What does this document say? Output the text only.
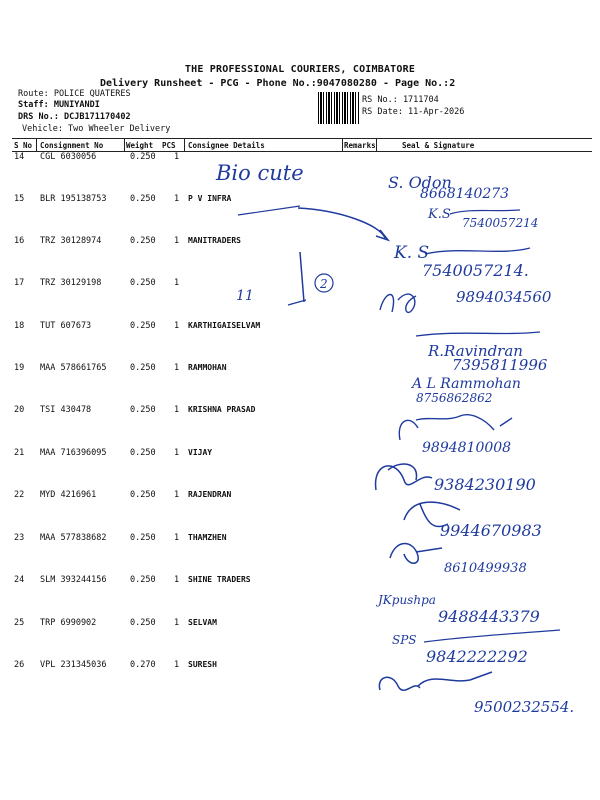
THE PROFESSIONAL COURIERS, COIMBATORE
Delivery Runsheet - PCG - Phone No.:9047080280 - Page No.:2
Route: POLICE QUATERES
Staff: MUNIYANDI
DRS No.: DCJB171170402
Vehicle: Two Wheeler Delivery
RS No.: 1711704
RS Date: 11-Apr-2026
S No Consignment No	Weight PCS Consignee Details	Remarks	Seal & Signature
14 CGL 6030056	0.250 1
15 BLR 195138753	0.250 1 P V INFRA
16 TRZ 30128974	0.250 1 MANITRADERS
17 TRZ 30129198	0.250 1
18 TUT 607673	0.250 1 KARTHIGAISELVAM
19 MAA 578661765	0.250 1 RAMMOHAN
20 TSI 430478	0.250 1 KRISHNA PRASAD
21 MAA 716396095	0.250 1 VIJAY
22 MYD 4216961	0.250 1 RAJENDRAN
23 MAA 577838682	0.250 1 THAMZHEN
24 SLM 393244156	0.250 1 SHINE TRADERS
25 TRP 6990902	0.250 1 SELVAM
26 VPL 231345036	0.270 1 SURESH
Bio cute
11
2
S. Odon
8668140273
K.S
7540057214
K. S
7540057214.
9894034560
R.Ravindran
7395811996
A L Rammohan
8756862862
9894810008
9384230190
9944670983
8610499938
JKpushpa
9488443379
SPS
9842222292
9500232554.
